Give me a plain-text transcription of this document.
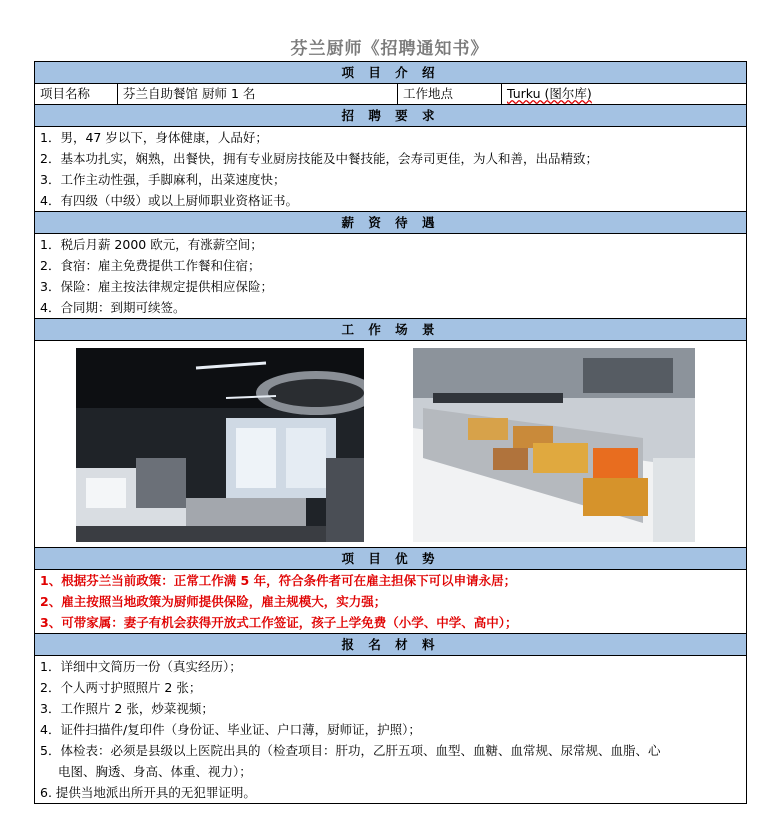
芬兰厨师《招聘通知书》
项 目 介 绍
项目名称	芬兰自助餐馆 厨师 1 名	工作地点	Turku (图尔库)
招 聘 要 求

1．男，47 岁以下，身体健康，人品好；
2．基本功扎实，娴熟，出餐快，拥有专业厨房技能及中餐技能，会寿司更佳，为人和善，出品精致；
3．工作主动性强，手脚麻利，出菜速度快；
4．有四级（中级）或以上厨师职业资格证书。

薪 资 待 遇

1．税后月薪 2000 欧元，有涨薪空间；
2．食宿：雇主免费提供工作餐和住宿；
3．保险：雇主按法律规定提供相应保险；
4．合同期：到期可续签。

工 作 场 景

项 目 优 势

1、根据芬兰当前政策：正常工作满 5 年，符合条件者可在雇主担保下可以申请永居；
2、雇主按照当地政策为厨师提供保险，雇主规模大，实力强；
3、可带家属：妻子有机会获得开放式工作签证，孩子上学免费（小学、中学、高中）；

报 名 材 料

1．详细中文简历一份（真实经历）；
2．个人两寸护照照片 2 张；
3．工作照片 2 张，炒菜视频；
4．证件扫描件/复印件（身份证、毕业证、户口薄，厨师证，护照）；
5．体检表：必须是县级以上医院出具的（检查项目：肝功，乙肝五项、血型、血糖、血常规、尿常规、血脂、心
电图、胸透、身高、体重、视力）；
6. 提供当地派出所开具的无犯罪证明。
